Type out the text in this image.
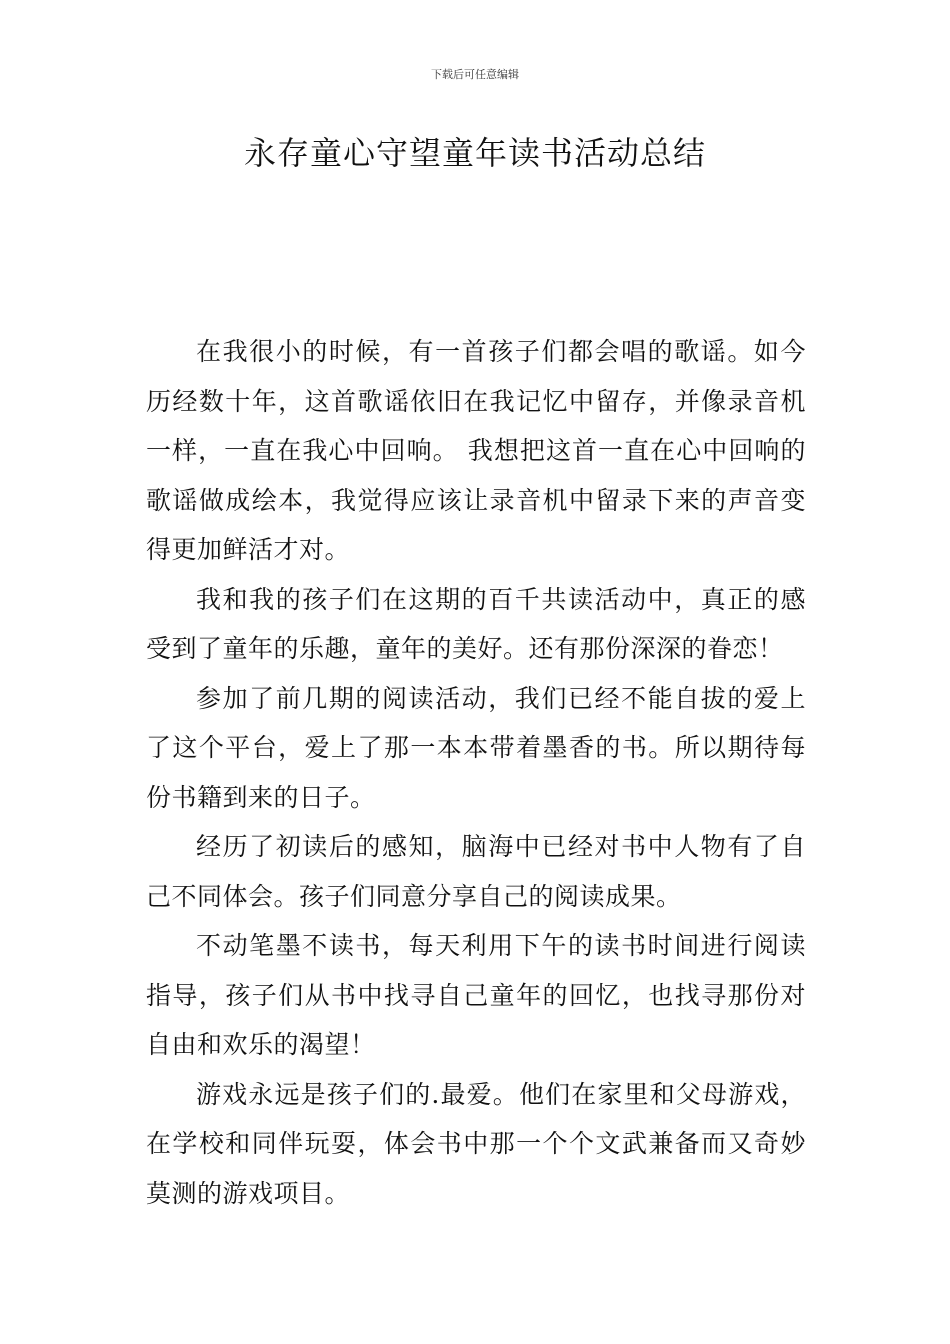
下载后可任意编辑
永存童心守望童年读书活动总结

在我很小的时候，有一首孩子们都会唱的歌谣。如今历经数十年，这首歌谣依旧在我记忆中留存，并像录音机一样，一直在我心中回响。 我想把这首一直在心中回响的歌谣做成绘本，我觉得应该让录音机中留录下来的声音变得更加鲜活才对。

我和我的孩子们在这期的百千共读活动中，真正的感受到了童年的乐趣，童年的美好。还有那份深深的眷恋！

参加了前几期的阅读活动，我们已经不能自拔的爱上了这个平台，爱上了那一本本带着墨香的书。所以期待每份书籍到来的日子。

经历了初读后的感知，脑海中已经对书中人物有了自己不同体会。孩子们同意分享自己的阅读成果。

不动笔墨不读书，每天利用下午的读书时间进行阅读指导，孩子们从书中找寻自己童年的回忆，也找寻那份对自由和欢乐的渴望！

游戏永远是孩子们的.最爱。他们在家里和父母游戏，在学校和同伴玩耍，体会书中那一个个文武兼备而又奇妙莫测的游戏项目。
